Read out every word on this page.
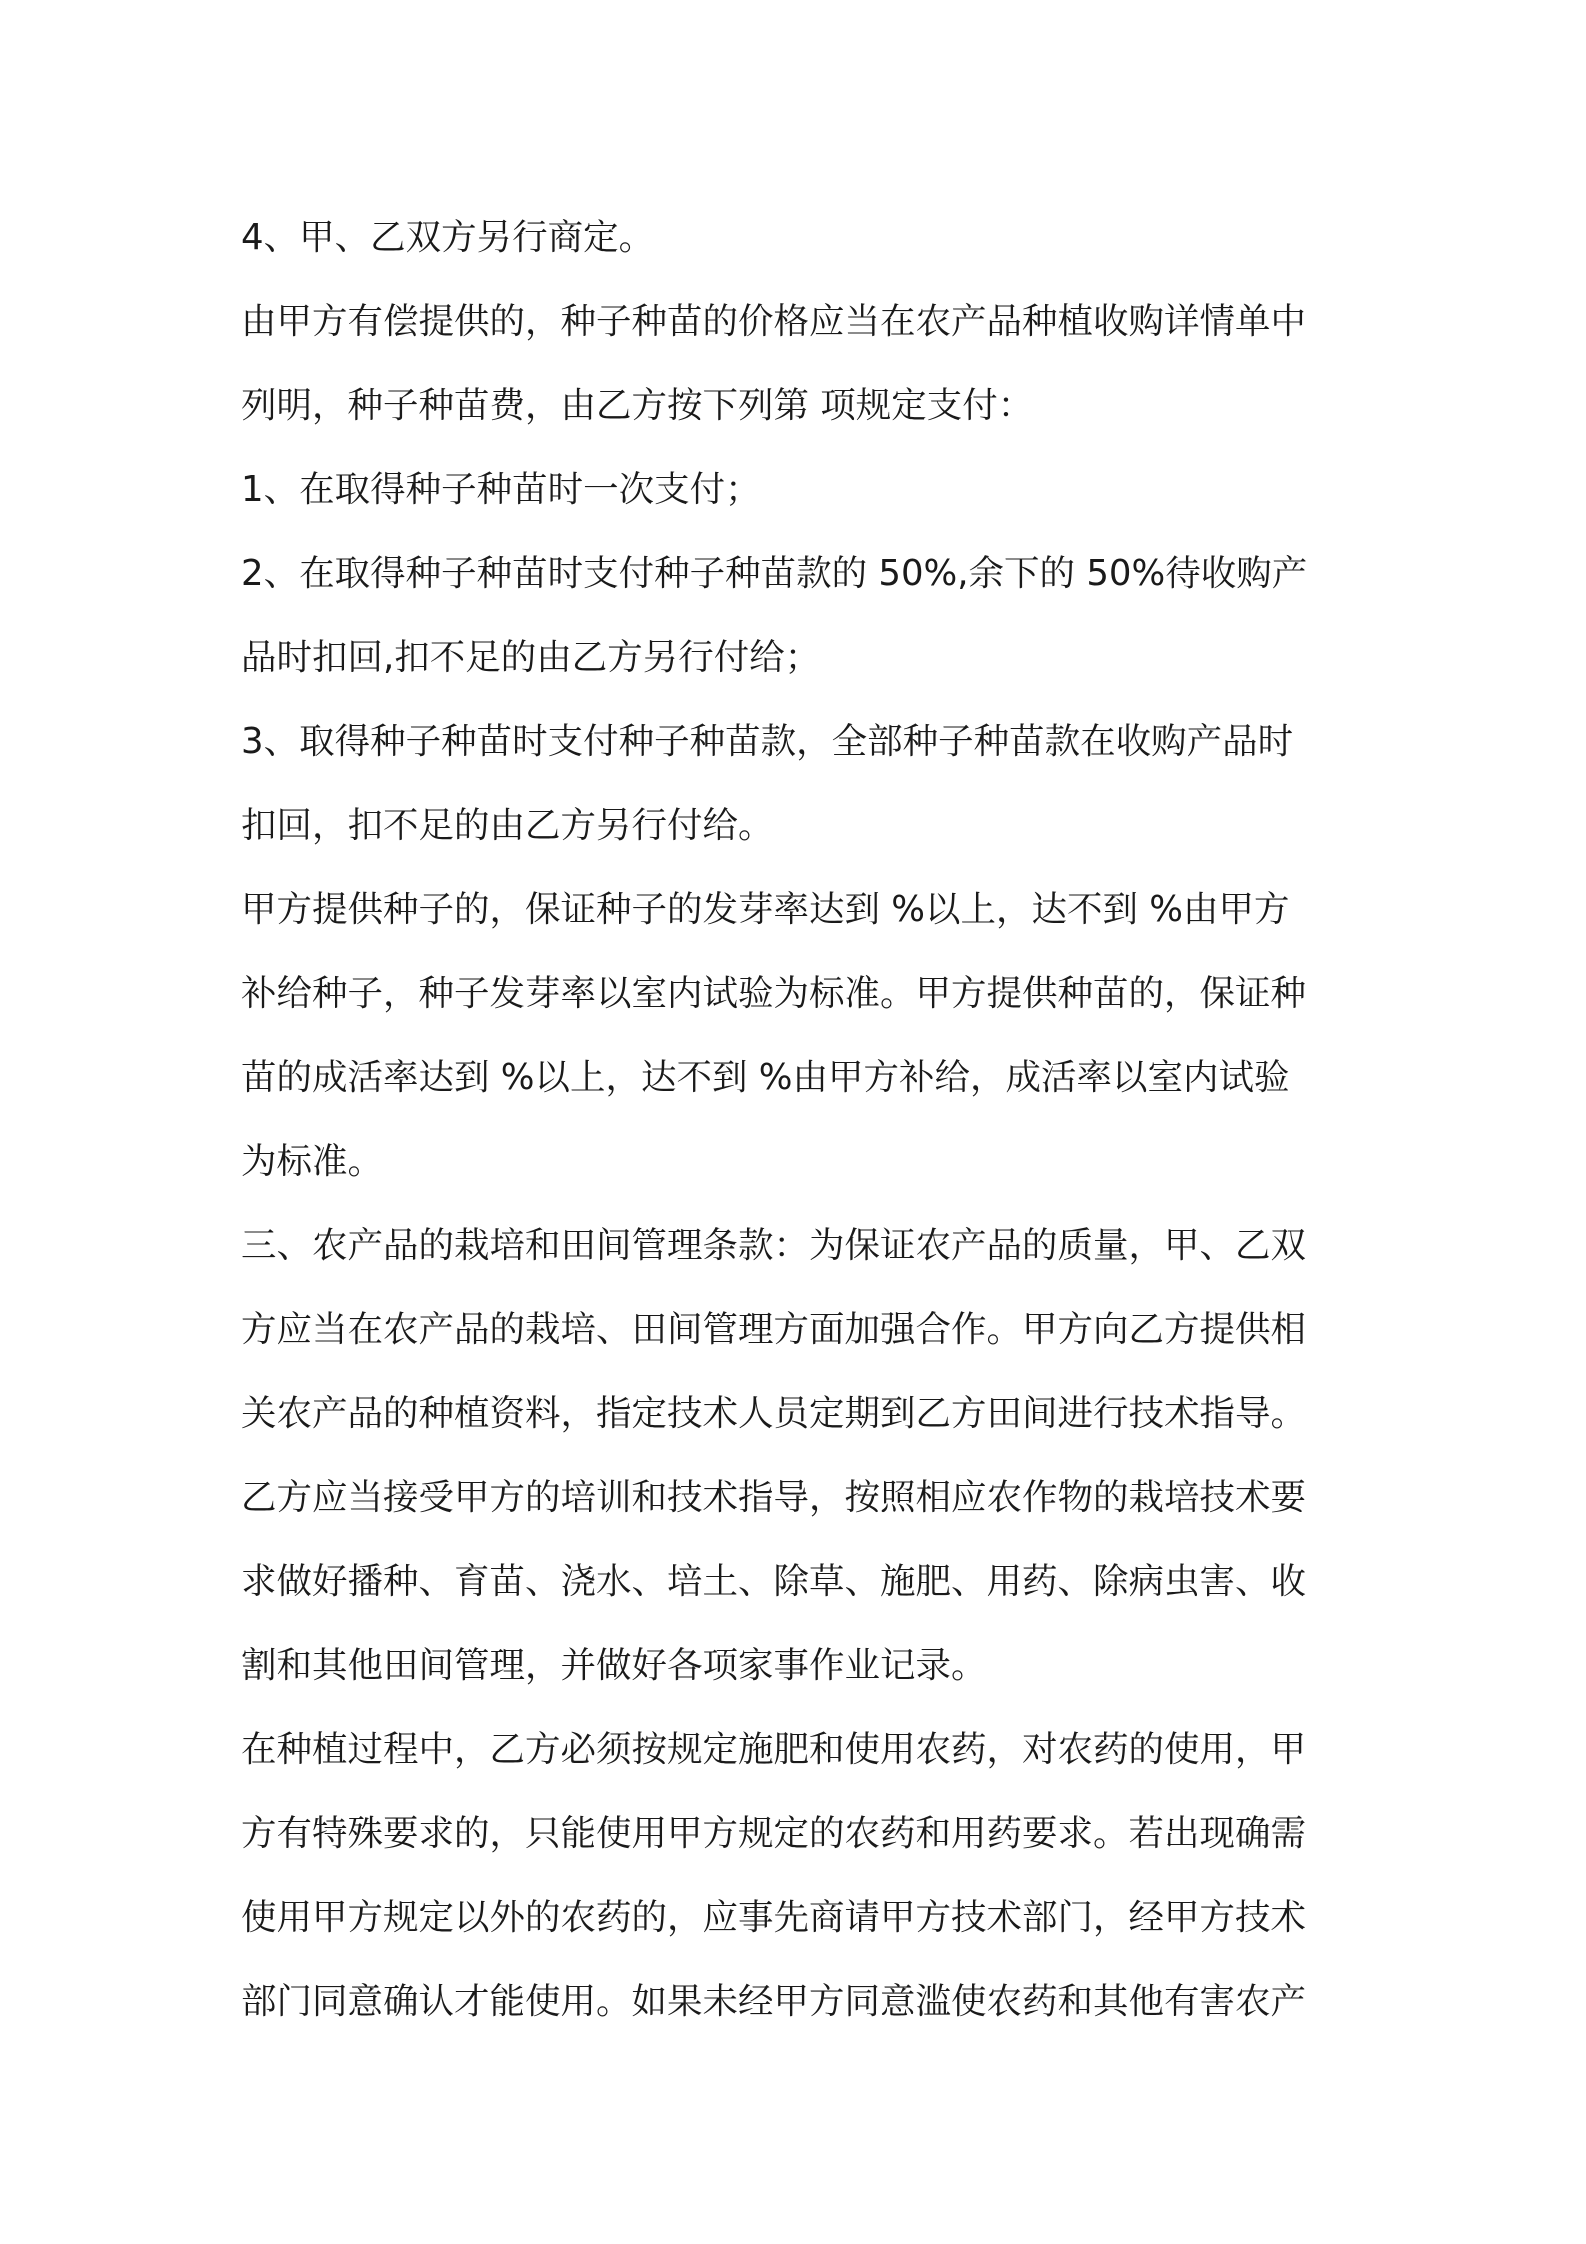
4、甲、乙双方另行商定。
由甲方有偿提供的，种子种苗的价格应当在农产品种植收购详情单中
列明，种子种苗费，由乙方按下列第 项规定支付：
1、在取得种子种苗时一次支付；
2、在取得种子种苗时支付种子种苗款的 50%,余下的 50%待收购产
品时扣回,扣不足的由乙方另行付给；
3、取得种子种苗时支付种子种苗款，全部种子种苗款在收购产品时
扣回，扣不足的由乙方另行付给。
甲方提供种子的，保证种子的发芽率达到 %以上，达不到 %由甲方
补给种子，种子发芽率以室内试验为标准。甲方提供种苗的，保证种
苗的成活率达到 %以上，达不到 %由甲方补给，成活率以室内试验
为标准。
三、农产品的栽培和田间管理条款：为保证农产品的质量，甲、乙双
方应当在农产品的栽培、田间管理方面加强合作。甲方向乙方提供相
关农产品的种植资料，指定技术人员定期到乙方田间进行技术指导。
乙方应当接受甲方的培训和技术指导，按照相应农作物的栽培技术要
求做好播种、育苗、浇水、培土、除草、施肥、用药、除病虫害、收
割和其他田间管理，并做好各项家事作业记录。
在种植过程中，乙方必须按规定施肥和使用农药，对农药的使用，甲
方有特殊要求的，只能使用甲方规定的农药和用药要求。若出现确需
使用甲方规定以外的农药的，应事先商请甲方技术部门，经甲方技术
部门同意确认才能使用。如果未经甲方同意滥使农药和其他有害农产
